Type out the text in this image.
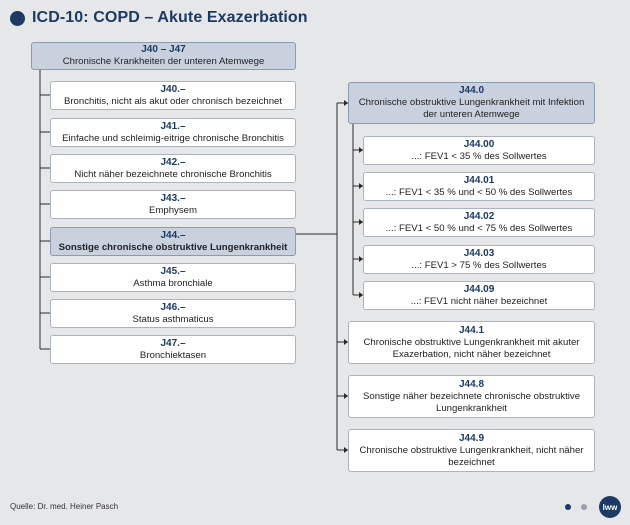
ICD-10: COPD – Akute Exazerbation
J40 – J47
Chronische Krankheiten der unteren Atemwege
J40.–
Bronchitis, nicht als akut oder chronisch bezeichnet
J41.–
Einfache und schleimig-eitrige chronische Bronchitis
J42.–
Nicht näher bezeichnete chronische Bronchitis
J43.–
Emphysem
J44.–
Sonstige chronische obstruktive Lungenkrankheit
J45.–
Asthma bronchiale
J46.–
Status asthmaticus
J47.–
Bronchiektasen
J44.0
Chronische obstruktive Lungenkrankheit mit Infektion der unteren Atemwege
J44.00
...: FEV1 < 35 % des Sollwertes
J44.01
...: FEV1 < 35 % und < 50 % des Sollwertes
J44.02
...: FEV1 < 50 % und < 75 % des Sollwertes
J44.03
...: FEV1 > 75 % des Sollwertes
J44.09
...: FEV1 nicht näher bezeichnet
J44.1
Chronische obstruktive Lungenkrankheit mit akuter Exazerbation, nicht näher bezeichnet
J44.8
Sonstige näher bezeichnete chronische obstruktive Lungenkrankheit
J44.9
Chronische obstruktive Lungenkrankheit, nicht näher bezeichnet
Quelle: Dr. med. Heiner Pasch	lww
